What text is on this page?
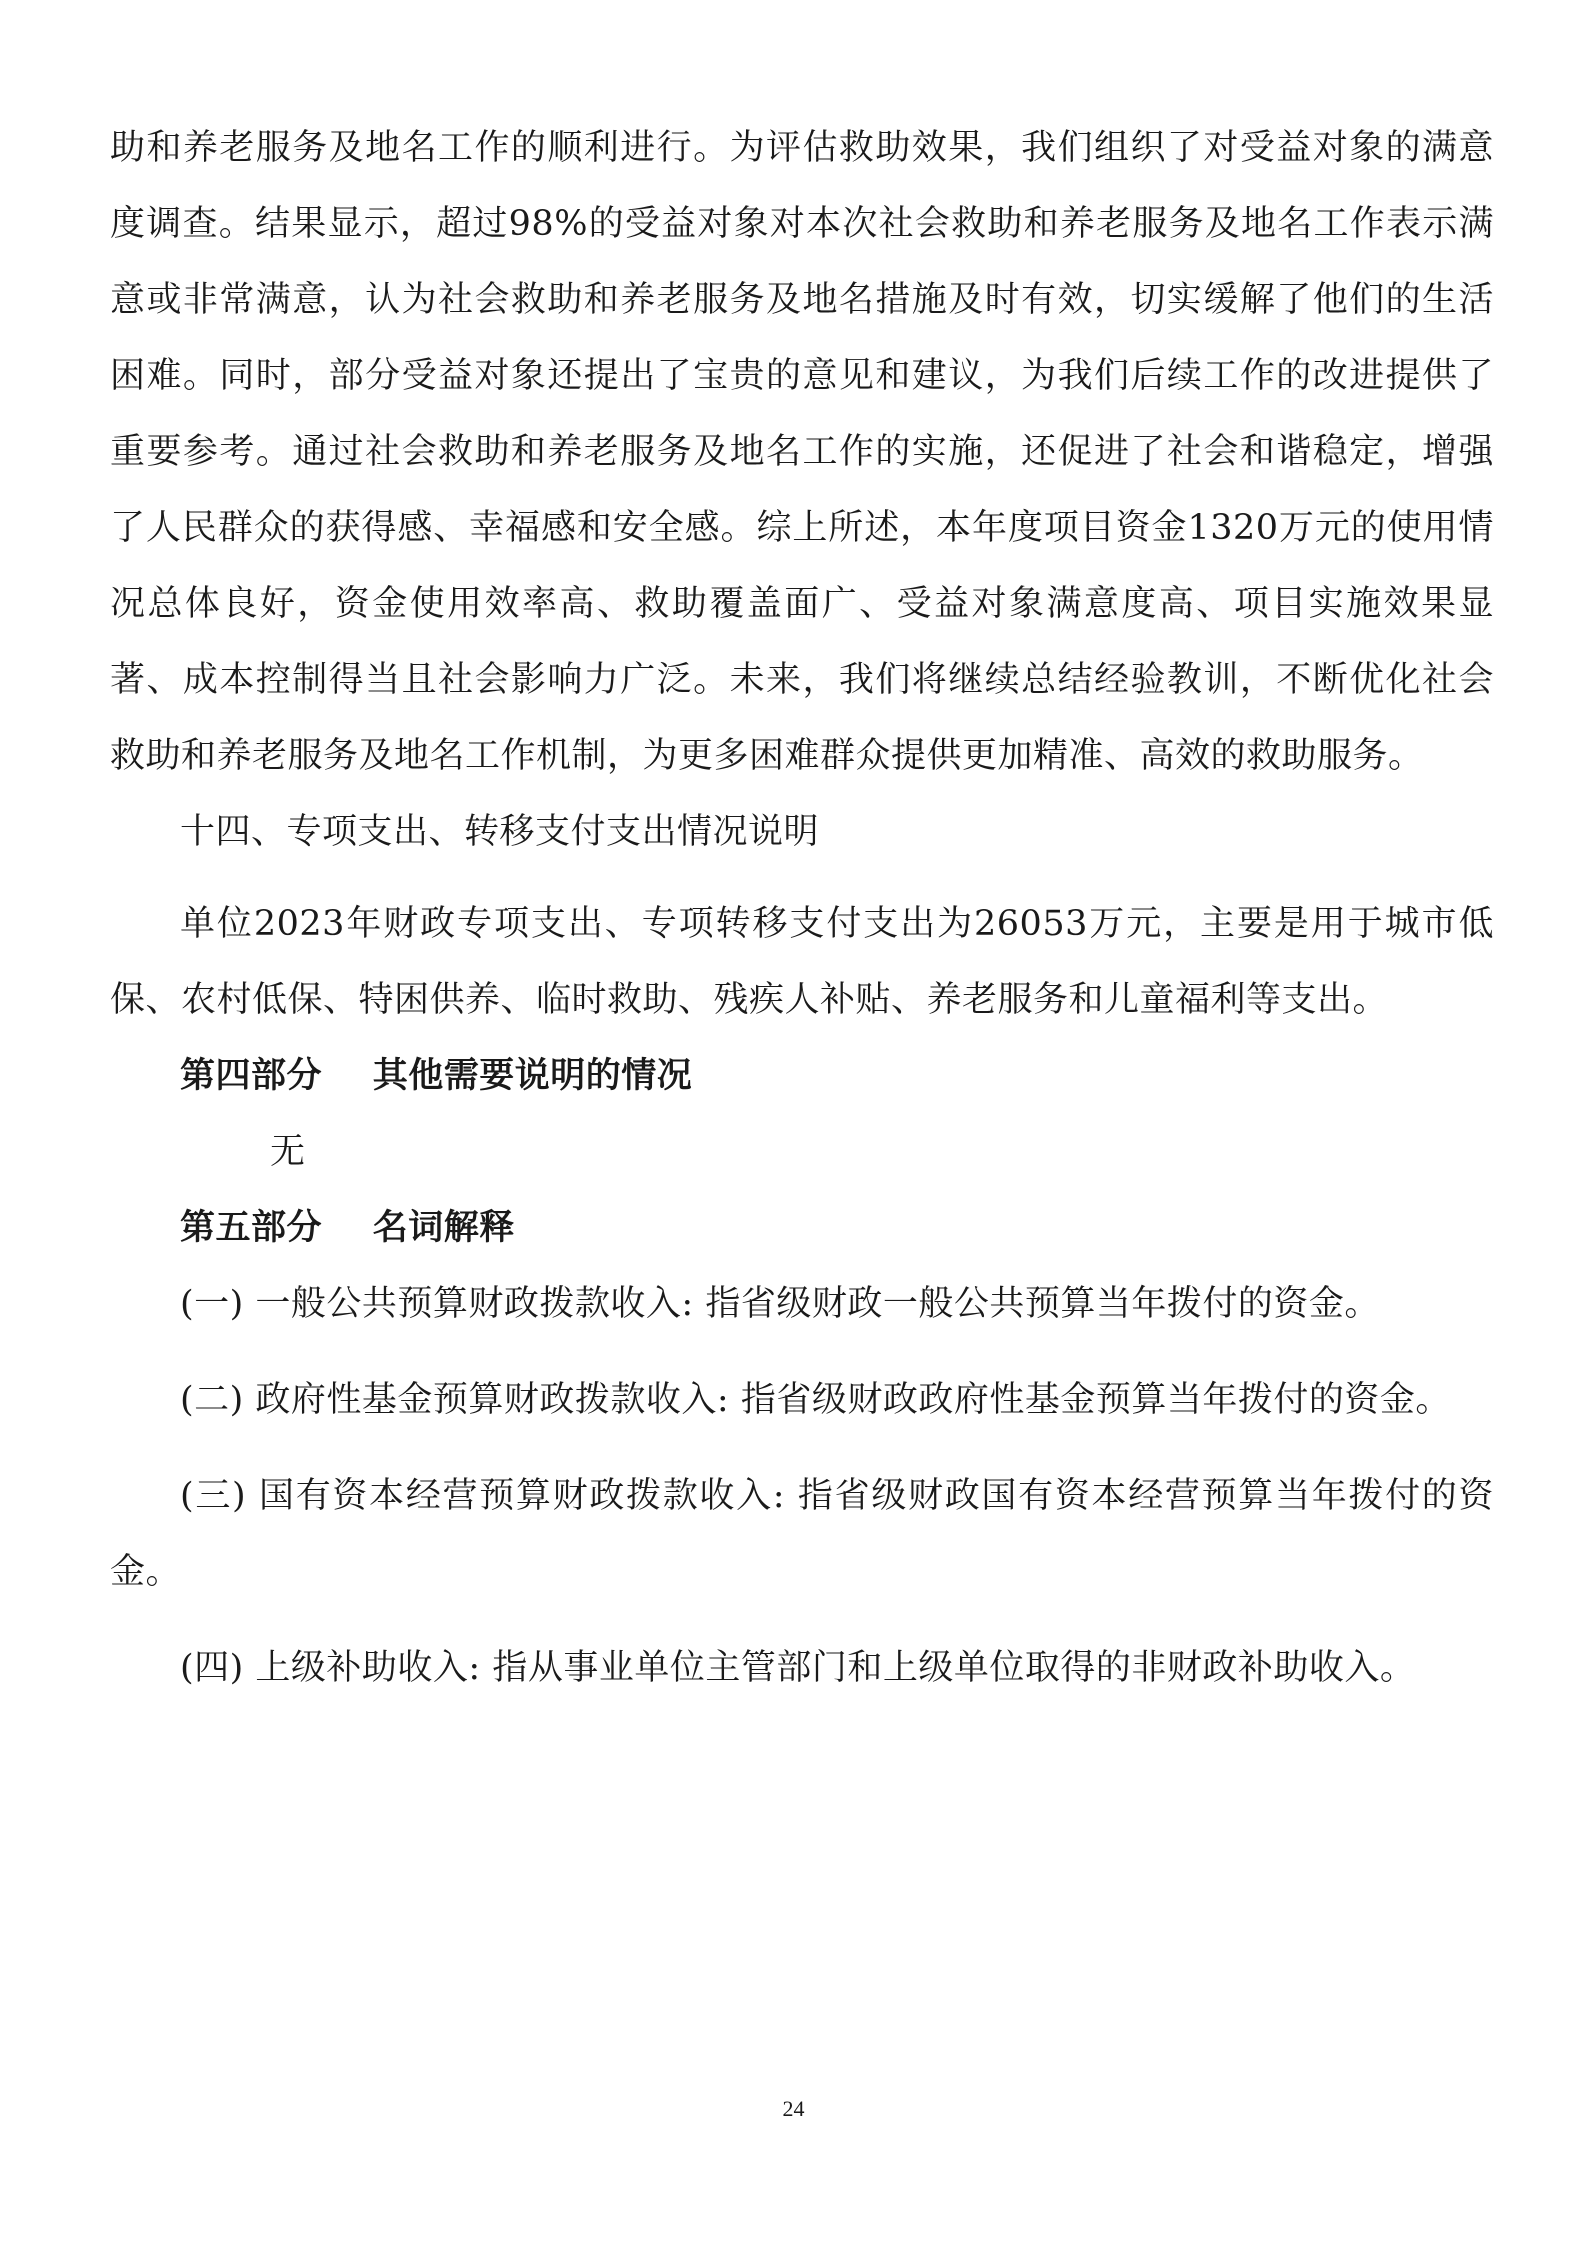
助和养老服务及地名工作的顺利进行。为评估救助效果，我们组织了对受益对象的满意度调查。结果显示，超过98%的受益对象对本次社会救助和养老服务及地名工作表示满意或非常满意，认为社会救助和养老服务及地名措施及时有效，切实缓解了他们的生活困难。同时，部分受益对象还提出了宝贵的意见和建议，为我们后续工作的改进提供了重要参考。通过社会救助和养老服务及地名工作的实施，还促进了社会和谐稳定，增强了人民群众的获得感、幸福感和安全感。综上所述，本年度项目资金1320万元的使用情况总体良好，资金使用效率高、救助覆盖面广、受益对象满意度高、项目实施效果显著、成本控制得当且社会影响力广泛。未来，我们将继续总结经验教训，不断优化社会救助和养老服务及地名工作机制，为更多困难群众提供更加精准、高效的救助服务。

十四、专项支出、转移支付支出情况说明

单位2023年财政专项支出、专项转移支付支出为26053万元，主要是用于城市低保、农村低保、特困供养、临时救助、残疾人补贴、养老服务和儿童福利等支出。

第四部分    其他需要说明的情况

无

第五部分    名词解释

(一) 一般公共预算财政拨款收入: 指省级财政一般公共预算当年拨付的资金。

(二) 政府性基金预算财政拨款收入: 指省级财政政府性基金预算当年拨付的资金。

(三) 国有资本经营预算财政拨款收入: 指省级财政国有资本经营预算当年拨付的资金。

(四) 上级补助收入: 指从事业单位主管部门和上级单位取得的非财政补助收入。

24
